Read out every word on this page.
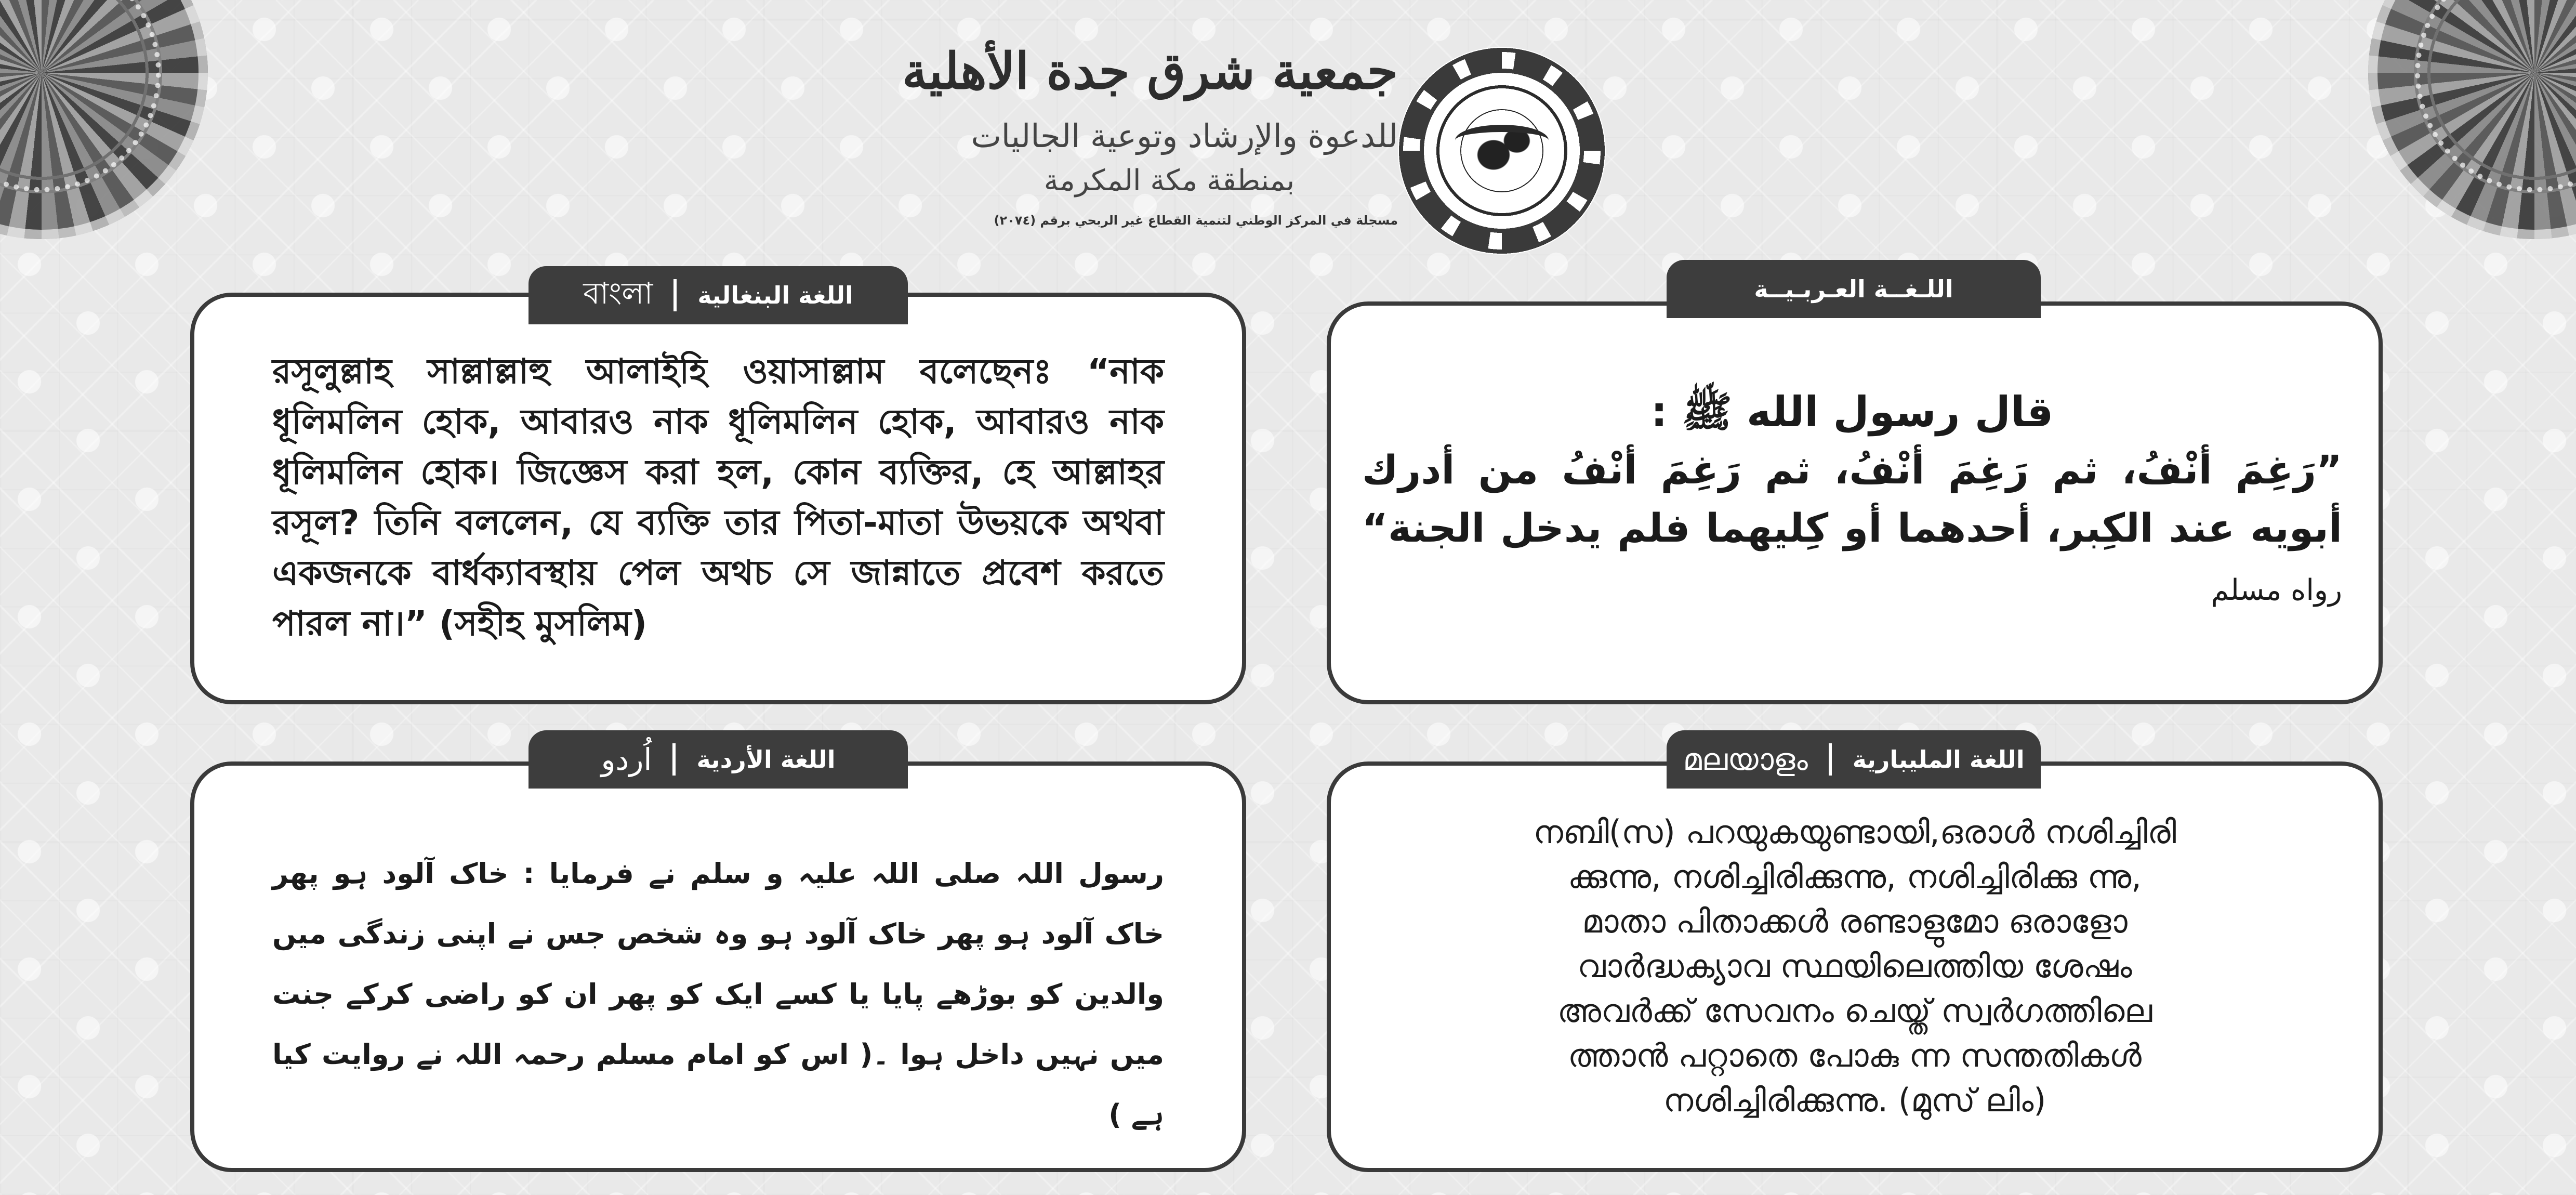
جمعية شرق جدة الأهلية
للدعوة والإرشاد وتوعية الجاليات
بمنطقة مكة المكرمة
مسجلة في المركز الوطني لتنمية القطاع غير الربحي برقم (٢٠٧٤)
قال رسول الله ﷺ :
”رَغِمَ أنْفُ، ثم رَغِمَ أنْفُ، ثم رَغِمَ أنْفُ من أدرك أبويه عند الكِبر، أحدهما أو كِليهما فلم يدخل الجنة“ رواه مسلم
اللـغــة العـربـيــة
রসূলুল্লাহ সাল্লাল্লাহু আলাইহি ওয়াসাল্লাম বলেছেনঃ “নাক ধূলিমলিন হোক, আবারও নাক ধূলিমলিন হোক, আবারও নাক ধূলিমলিন হোক। জিজ্ঞেস করা হল, কোন ব্যক্তির, হে আল্লাহর রসূল? তিনি বললেন, যে ব্যক্তি তার পিতা-মাতা উভয়কে অথবা একজনকে বার্ধক্যাবস্থায় পেল অথচ সে জান্নাতে প্রবেশ করতে পারল না।” (সহীহ মুসলিম)
اللغة البنغالية
বাংলা
رسول اللہ صلی اللہ علیہ و سلم نے فرمایا : خاک آلود ہو پھر خاک آلود ہو پھر خاک آلود ہو وہ شخص جس نے اپنی زندگی میں والدین کو بوڑھے پایا یا کسے ایک کو پھر ان کو راضی کرکے جنت میں نہیں داخل ہوا ۔( اس کو امام مسلم رحمہ اللہ نے روایت کیا ہے )
اللغة الأردية
اُردو
നബി(സ) പറയുകയുണ്ടായി,ഒരാൾ നശിച്ചിരി
ക്കുന്നു, നശിച്ചിരിക്കുന്നു, നശിച്ചിരിക്കു ന്നു,
മാതാ പിതാക്കൾ രണ്ടാളുമോ ഒരാളോ
വാർദ്ധക്യാവ സ്ഥയിലെത്തിയ ശേഷം
അവർക്ക് സേവനം ചെയ്ത് സ്വർഗത്തിലെ
ത്താൻ പറ്റാതെ പോകു ന്ന സന്തതികൾ
നശിച്ചിരിക്കുന്നു. (മുസ് ലിം)
اللغة المليبارية
മലയാളം
